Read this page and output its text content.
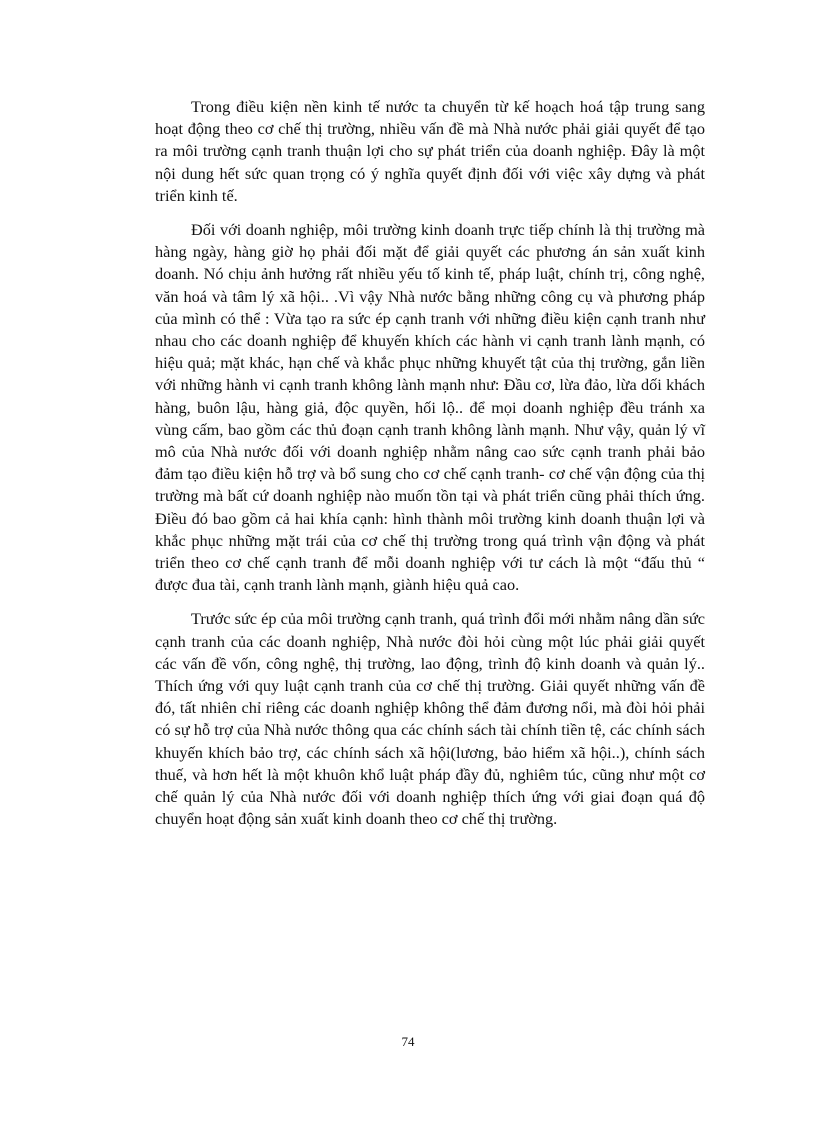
Trong điều kiện nền kinh tế nước ta chuyển từ kế hoạch hoá tập trung sang hoạt động theo cơ chế thị trường, nhiều vấn đề mà Nhà nước phải giải quyết để tạo ra môi trường cạnh tranh thuận lợi cho sự phát triển của doanh nghiệp. Đây là một nội dung hết sức quan trọng có ý nghĩa quyết định đối với việc xây dựng và phát triển kinh tế.

Đối với doanh nghiệp, môi trường kinh doanh trực tiếp chính là thị trường mà hàng ngày, hàng giờ họ phải đối mặt để giải quyết các phương án sản xuất kinh doanh. Nó chịu ảnh hưởng rất nhiều yếu tố kinh tế, pháp luật, chính trị, công nghệ, văn hoá và tâm lý xã hội.. .Vì vậy Nhà nước bằng những công cụ và phương pháp của mình có thể : Vừa tạo ra sức ép cạnh tranh với những điều kiện cạnh tranh như nhau cho các doanh nghiệp để khuyến khích các hành vi cạnh tranh lành mạnh, có hiệu quả; mặt khác, hạn chế và khắc phục những khuyết tật của thị trường, gắn liền với những hành vi cạnh tranh không lành mạnh như: Đầu cơ, lừa đảo, lừa dối khách hàng, buôn lậu, hàng giả, độc quyền, hối lộ.. để mọi doanh nghiệp đều tránh xa vùng cấm, bao gồm các thủ đoạn cạnh tranh không lành mạnh. Như vậy, quản lý vĩ mô của Nhà nước đối với doanh nghiệp nhằm nâng cao sức cạnh tranh phải bảo đảm tạo điều kiện hỗ trợ và bổ sung cho cơ chế cạnh tranh- cơ chế vận động của thị trường mà bất cứ doanh nghiệp nào muốn tồn tại và phát triển cũng phải thích ứng. Điều đó bao gồm cả hai khía cạnh: hình thành môi trường kinh doanh thuận lợi và khắc phục những mặt trái của cơ chế thị trường trong quá trình vận động và phát triển theo cơ chế cạnh tranh để mỗi doanh nghiệp với tư cách là một “đấu thủ “ được đua tài, cạnh tranh lành mạnh, giành hiệu quả cao.

Trước sức ép của môi trường cạnh tranh, quá trình đổi mới nhằm nâng dần sức cạnh tranh của các doanh nghiệp, Nhà nước đòi hỏi cùng một lúc phải giải quyết các vấn đề vốn, công nghệ, thị trường, lao động, trình độ kinh doanh và quản lý.. Thích ứng với quy luật cạnh tranh của cơ chế thị trường. Giải quyết những vấn đề đó, tất nhiên chỉ riêng các doanh nghiệp không thể đảm đương nổi, mà đòi hỏi phải có sự hỗ trợ của Nhà nước thông qua các chính sách tài chính tiền tệ, các chính sách khuyến khích bảo trợ, các chính sách xã hội(lương, bảo hiểm xã hội..), chính sách thuế, và hơn hết là một khuôn khổ luật pháp đầy đủ, nghiêm túc, cũng như một cơ chế quản lý của Nhà nước đối với doanh nghiệp thích ứng với giai đoạn quá độ chuyển hoạt động sản xuất kinh doanh theo cơ chế thị trường.

74
